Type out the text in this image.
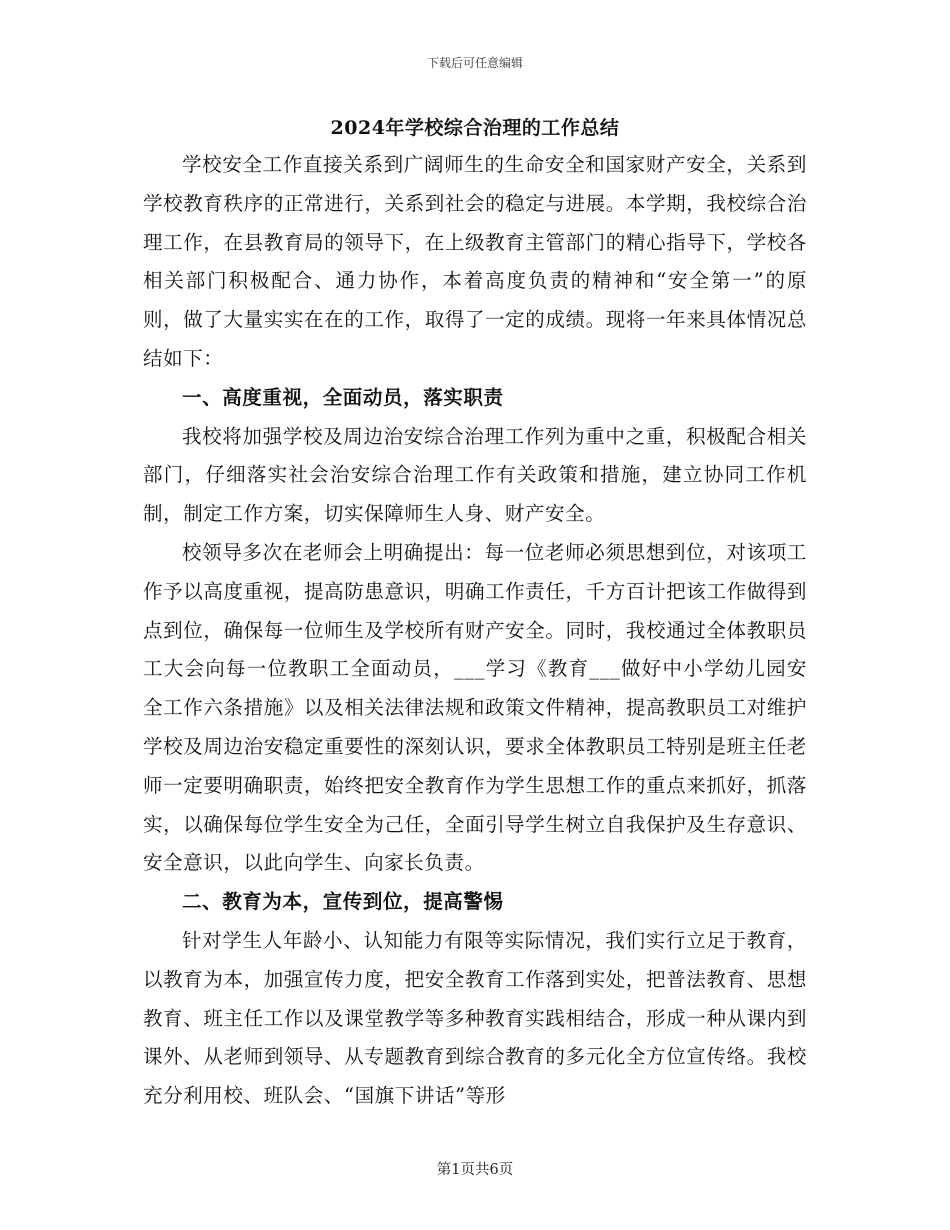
下载后可任意编辑
2024年学校综合治理的工作总结

学校安全工作直接关系到广阔师生的生命安全和国家财产安全，关系到学校教育秩序的正常进行，关系到社会的稳定与进展。本学期，我校综合治理工作，在县教育局的领导下，在上级教育主管部门的精心指导下，学校各相关部门积极配合、通力协作，本着高度负责的精神和“安全第一”的原则，做了大量实实在在的工作，取得了一定的成绩。现将一年来具体情况总结如下：

一、高度重视，全面动员，落实职责

我校将加强学校及周边治安综合治理工作列为重中之重，积极配合相关部门，仔细落实社会治安综合治理工作有关政策和措施，建立协同工作机制，制定工作方案，切实保障师生人身、财产安全。

校领导多次在老师会上明确提出：每一位老师必须思想到位，对该项工作予以高度重视，提高防患意识，明确工作责任，千方百计把该工作做得到点到位，确保每一位师生及学校所有财产安全。同时，我校通过全体教职员工大会向每一位教职工全面动员，___学习《教育___做好中小学幼儿园安全工作六条措施》以及相关法律法规和政策文件精神，提高教职员工对维护学校及周边治安稳定重要性的深刻认识，要求全体教职员工特别是班主任老师一定要明确职责，始终把安全教育作为学生思想工作的重点来抓好，抓落实，以确保每位学生安全为己任，全面引导学生树立自我保护及生存意识、安全意识，以此向学生、向家长负责。

二、教育为本，宣传到位，提高警惕

针对学生人年龄小、认知能力有限等实际情况，我们实行立足于教育，以教育为本，加强宣传力度，把安全教育工作落到实处，把普法教育、思想教育、班主任工作以及课堂教学等多种教育实践相结合，形成一种从课内到课外、从老师到领导、从专题教育到综合教育的多元化全方位宣传络。我校充分利用校、班队会、“国旗下讲话”等形

第1页共6页
